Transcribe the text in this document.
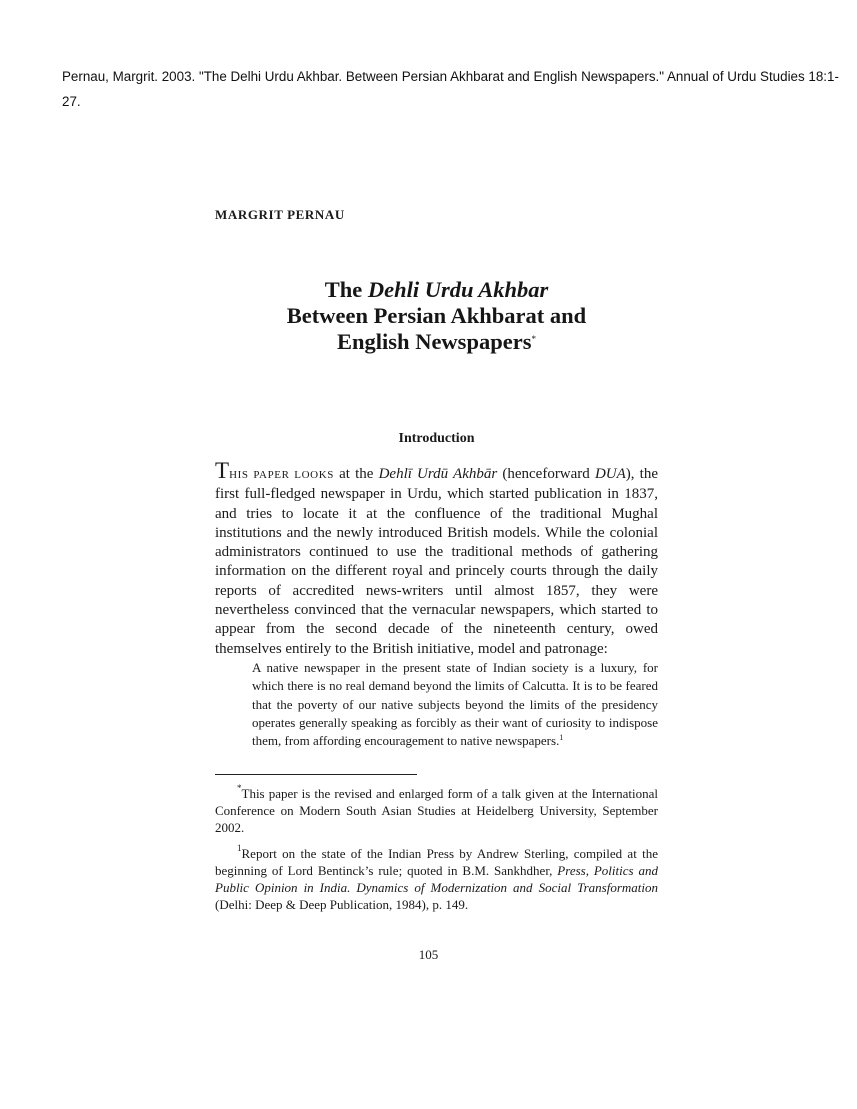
Pernau, Margrit. 2003. "The Delhi Urdu Akhbar. Between Persian Akhbarat and English Newspapers." Annual of Urdu Studies 18:1-27.
MARGRIT PERNAU
The Dehli Urdu Akhbar
Between Persian Akhbarat and
English Newspapers*
Introduction
THIS PAPER LOOKS at the Dehlī Urdū Akhbār (henceforward DUA), the first full-fledged newspaper in Urdu, which started publication in 1837, and tries to locate it at the confluence of the traditional Mughal institutions and the newly introduced British models. While the colonial administrators continued to use the traditional methods of gathering information on the different royal and princely courts through the daily reports of accredited news-writers until almost 1857, they were nevertheless convinced that the vernacular newspapers, which started to appear from the second decade of the nineteenth century, owed themselves entirely to the British initiative, model and patronage:
A native newspaper in the present state of Indian society is a luxury, for which there is no real demand beyond the limits of Calcutta. It is to be feared that the poverty of our native subjects beyond the limits of the presidency operates generally speaking as forcibly as their want of curiosity to indispose them, from affording encouragement to native newspapers.$^1$
*This paper is the revised and enlarged form of a talk given at the International Conference on Modern South Asian Studies at Heidelberg University, September 2002.
$^1$Report on the state of the Indian Press by Andrew Sterling, compiled at the beginning of Lord Bentinck’s rule; quoted in B.M. Sankhdher, Press, Politics and Public Opinion in India. Dynamics of Modernization and Social Transformation (Delhi: Deep & Deep Publication, 1984), p. 149.
105
